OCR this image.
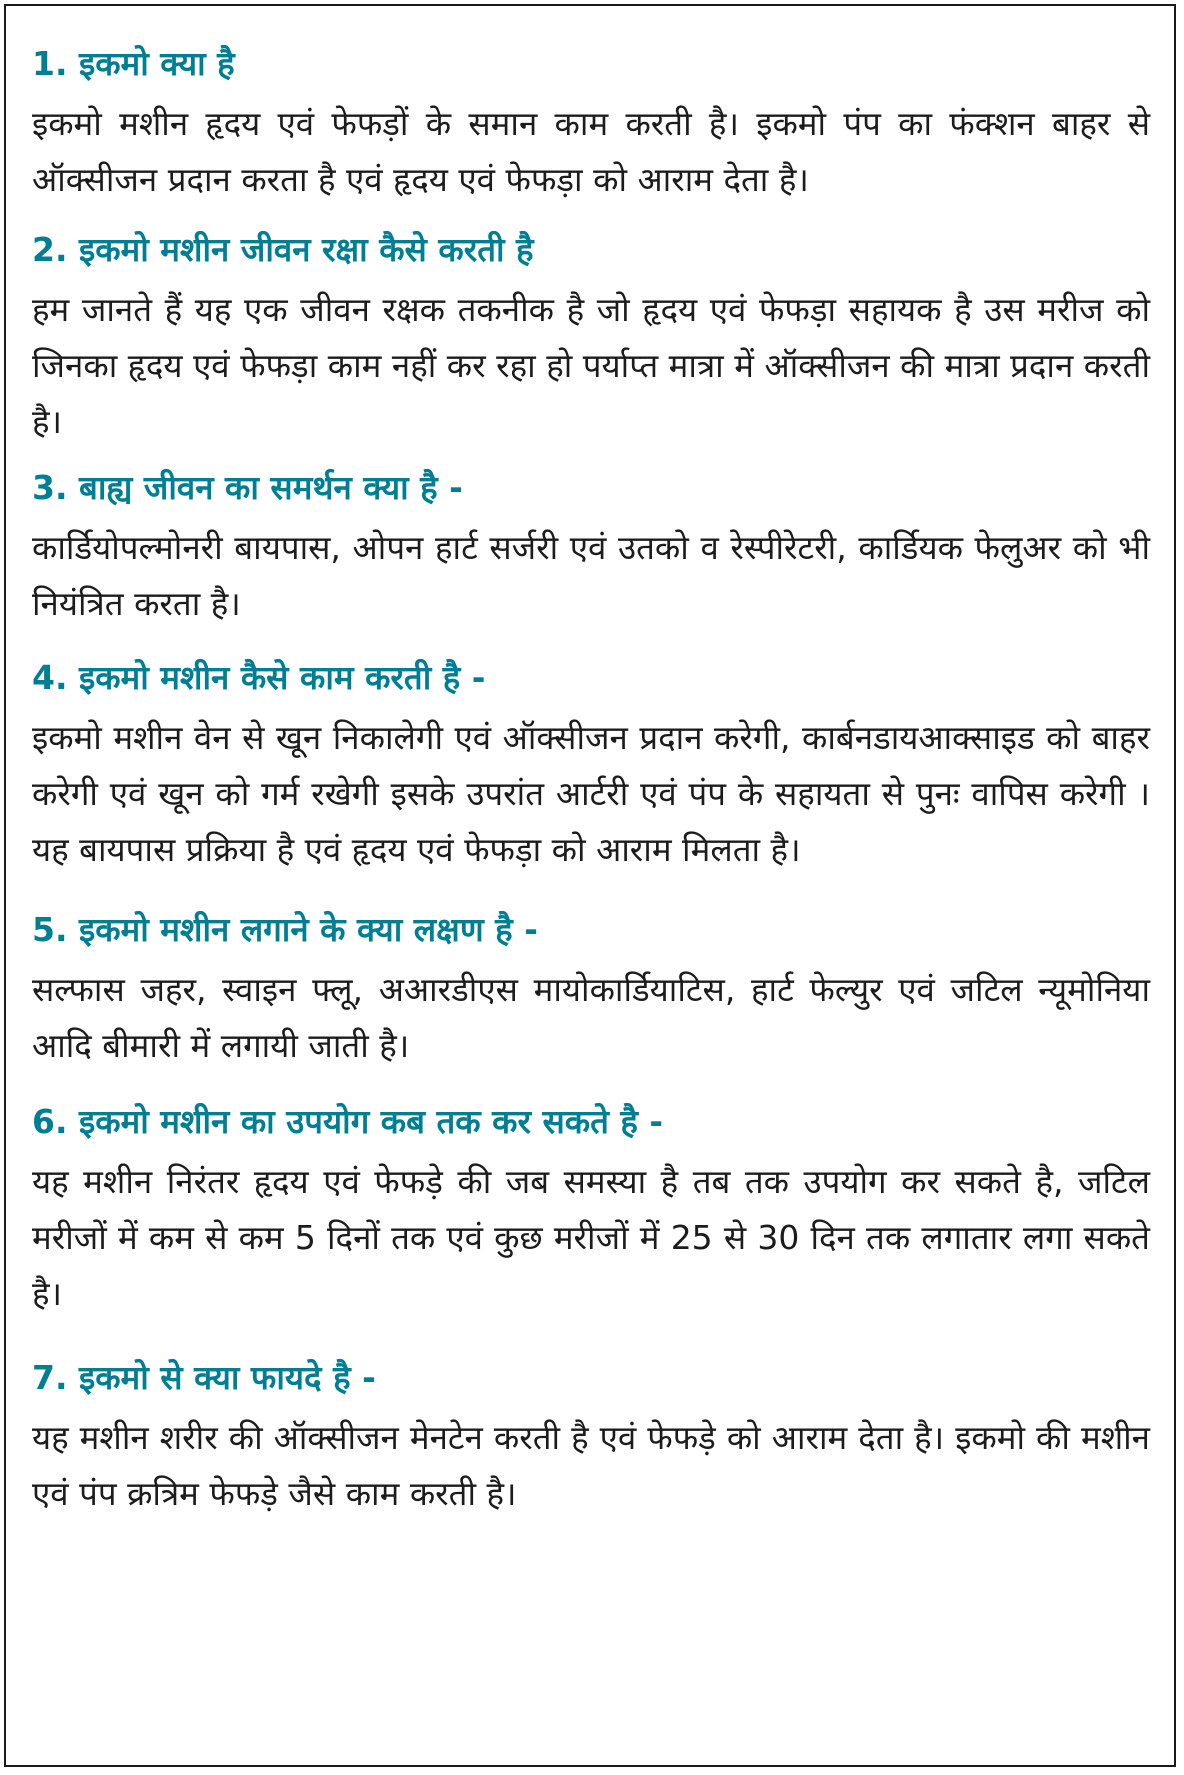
1. इकमो क्या है

इकमो मशीन हृदय एवं फेफड़ों के समान काम करती है। इकमो पंप का फंक्शन बाहर से ऑक्सीजन प्रदान करता है एवं हृदय एवं फेफड़ा को आराम देता है।

2. इकमो मशीन जीवन रक्षा कैसे करती है

हम जानते हैं यह एक जीवन रक्षक तकनीक है जो हृदय एवं फेफड़ा सहायक है उस मरीज को जिनका हृदय एवं फेफड़ा काम नहीं कर रहा हो पर्याप्त मात्रा में ऑक्सीजन की मात्रा प्रदान करती है।

3. बाह्य जीवन का समर्थन क्या है -

कार्डियोपल्मोनरी बायपास, ओपन हार्ट सर्जरी एवं उतको व रेस्पीरेटरी, कार्डियक फेलुअर को भी नियंत्रित करता है।

4. इकमो मशीन कैसे काम करती है -

इकमो मशीन वेन से खून निकालेगी एवं ऑक्सीजन प्रदान करेगी, कार्बनडायआक्साइड को बाहर करेगी एवं खून को गर्म रखेगी इसके उपरांत आर्टरी एवं पंप के सहायता से पुनः वापिस करेगी । यह बायपास प्रक्रिया है एवं हृदय एवं फेफड़ा को आराम मिलता है।

5. इकमो मशीन लगाने के क्या लक्षण है -

सल्फास जहर, स्वाइन फ्लू, अआरडीएस मायोकार्डियाटिस, हार्ट फेल्युर एवं जटिल न्यूमोनिया आदि बीमारी में लगायी जाती है।

6. इकमो मशीन का उपयोग कब तक कर सकते है -

यह मशीन निरंतर हृदय एवं फेफड़े की जब समस्या है तब तक उपयोग कर सकते है, जटिल मरीजों में कम से कम 5 दिनों तक एवं कुछ मरीजों में 25 से 30 दिन तक लगातार लगा सकते है।

7. इकमो से क्या फायदे है -

यह मशीन शरीर की ऑक्सीजन मेनटेन करती है एवं फेफड़े को आराम देता है। इकमो की मशीन एवं पंप क्रत्रिम फेफड़े जैसे काम करती है।
